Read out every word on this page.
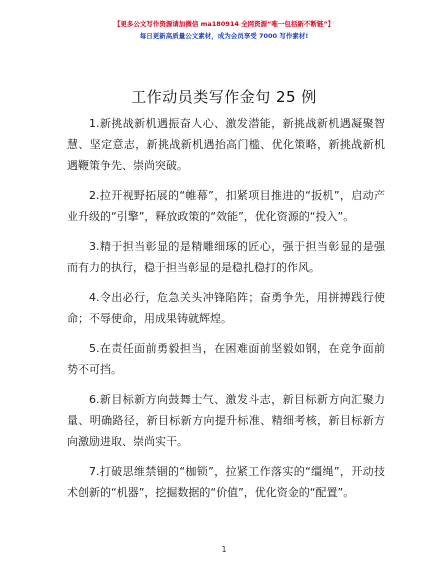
【更多公文写作资源请加微信 ma180914 全网资源“唯一包括新不断链”】
每日更新高质量公文素材，成为会员享受 7000 写作素材!
工作动员类写作金句 25 例

1.新挑战新机遇振奋人心、激发潜能，新挑战新机遇凝聚智慧、坚定意志，新挑战新机遇抬高门槛、优化策略，新挑战新机遇鞭策争先、崇尚突破。

2.拉开视野拓展的“帷幕”，扣紧项目推进的“扳机”，启动产业升级的“引擎”，释放政策的“效能”，优化资源的“投入”。

3.精于担当彰显的是精雕细琢的匠心，强于担当彰显的是强而有力的执行，稳于担当彰显的是稳扎稳打的作风。

4.令出必行，危急关头冲锋陷阵；奋勇争先，用拼搏践行使命；不辱使命，用成果铸就辉煌。

5.在责任面前勇毅担当，在困难面前坚毅如钢，在竞争面前势不可挡。

6.新目标新方向鼓舞士气、激发斗志，新目标新方向汇聚力量、明确路径，新目标新方向提升标准、精细考核，新目标新方向激励进取、崇尚实干。

7.打破思维禁锢的“枷锁”，拉紧工作落实的“缰绳”，开动技术创新的“机器”，挖掘数据的“价值”，优化资金的“配置”。

1
